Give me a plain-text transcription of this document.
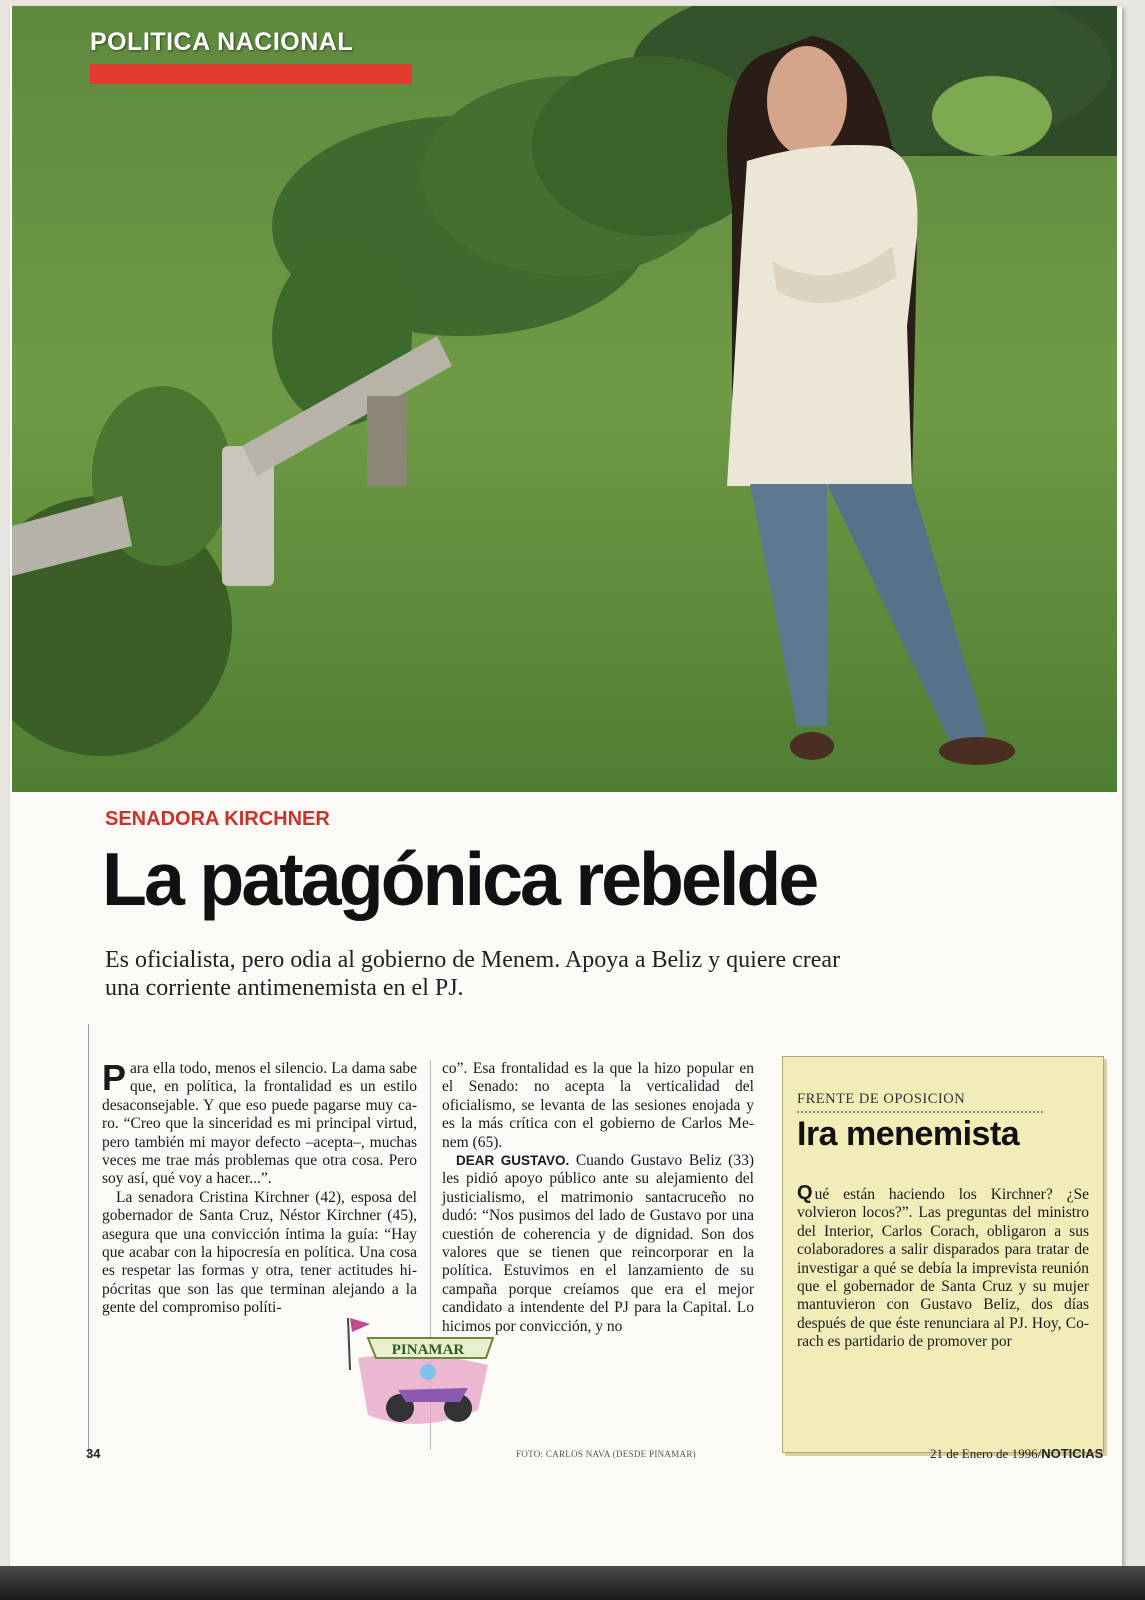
POLITICA NACIONAL
SENADORA KIRCHNER
La patagónica rebelde
Es oficialista, pero odia al gobierno de Menem. Apoya a Beliz y quiere crear una corriente antimenemista en el PJ.

Para ella todo, menos el silencio. La dama sabe que, en política, la frontalidad es un estilo desaconsejable. Y que eso puede pagarse muy caro. “Creo que la sinceridad es mi principal virtud, pero también mi mayor defecto –acepta–, muchas veces me trae más problemas que otra cosa. Pero soy así, qué voy a hacer...”.

La senadora Cristina Kirchner (42), esposa del gobernador de Santa Cruz, Néstor Kirchner (45), asegura que una convicción íntima la guía: “Hay que acabar con la hipocresía en política. Una cosa es respetar las formas y otra, tener actitudes hipócritas que son las que terminan alejando a la gente del compromiso políti-

co”. Esa frontalidad es la que la hizo popular en el Senado: no acepta la verticalidad del oficialismo, se levanta de las sesiones enojada y es la más crítica con el gobierno de Carlos Menem (65).

DEAR GUSTAVO. Cuando Gustavo Beliz (33) les pidió apoyo público ante su alejamiento del justicialismo, el matrimonio santacruceño no dudó: “Nos pusimos del lado de Gustavo por una cuestión de coherencia y de dignidad. Son dos valores que se tienen que reincorporar en la política. Estuvimos en el lanzamiento de su campaña porque creíamos que era el mejor candidato a intendente del PJ para la Capital. Lo hicimos por convicción, y no

PINAMAR
FRENTE DE OPOSICION
Ira menemista
Q ué están haciendo los Kirchner? ¿Se volvieron locos?”. Las preguntas del ministro del Interior, Carlos Corach, obligaron a sus colaboradores a salir disparados para tratar de investigar a qué se debía la imprevista reunión que el gobernador de Santa Cruz y su mujer mantuvieron con Gustavo Beliz, dos días después de que éste renunciara al PJ. Hoy, Corach es partidario de promover por
34	FOTO: CARLOS NAVA (DESDE PINAMAR)	21 de Enero de 1996/NOTICIAS
